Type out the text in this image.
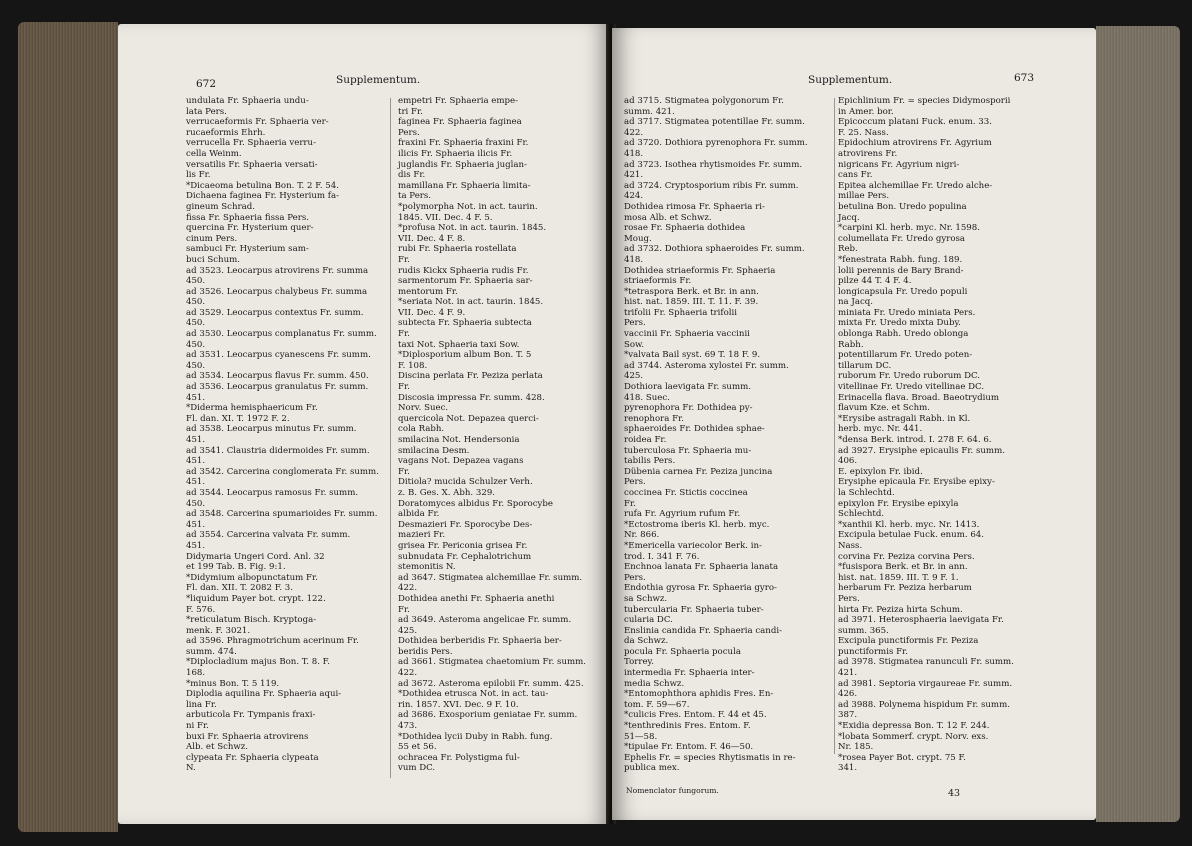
672	Supplementum.
undulata Fr. Sphaeria undu-
lata Pers.
verrucaeformis Fr. Sphaeria ver-
rucaeformis Ehrh.
verrucella Fr. Sphaeria verru-
cella Weinm.
versatilis Fr. Sphaeria versati-
lis Fr.
*Dicaeoma betulina Bon. T. 2 F. 54.
Dichaena faginea Fr. Hysterium fa-
gineum Schrad.
fissa Fr. Sphaeria fissa Pers.
quercina Fr. Hysterium quer-
cinum Pers.
sambuci Fr. Hysterium sam-
buci Schum.
ad 3523. Leocarpus atrovirens Fr. summa
450.
ad 3526. Leocarpus chalybeus Fr. summa
450.
ad 3529. Leocarpus contextus Fr. summ.
450.
ad 3530. Leocarpus complanatus Fr. summ.
450.
ad 3531. Leocarpus cyanescens Fr. summ.
450.
ad 3534. Leocarpus flavus Fr. summ. 450.
ad 3536. Leocarpus granulatus Fr. summ.
451.
*Diderma hemisphaericum Fr.
Fl. dan. XI. T. 1972 F. 2.
ad 3538. Leocarpus minutus Fr. summ.
451.
ad 3541. Claustria didermoides Fr. summ.
451.
ad 3542. Carcerina conglomerata Fr. summ.
451.
ad 3544. Leocarpus ramosus Fr. summ.
450.
ad 3548. Carcerina spumarioides Fr. summ.
451.
ad 3554. Carcerina valvata Fr. summ.
451.
Didymaria Ungeri Cord. Anl. 32
et 199 Tab. B. Fig. 9:1.
*Didymium albopunctatum Fr.
Fl. dan. XII. T. 2082 F. 3.
*liquidum Payer bot. crypt. 122.
F. 576.
*reticulatum Bisch. Kryptoga-
menk. F. 3021.
ad 3596. Phragmotrichum acerinum Fr.
summ. 474.
*Diplocladium majus Bon. T. 8. F.
168.
*minus Bon. T. 5 119.
Diplodia aquilina Fr. Sphaeria aqui-
lina Fr.
arbuticola Fr. Tympanis fraxi-
ni Fr.
buxi Fr. Sphaeria atrovirens
Alb. et Schwz.
clypeata Fr. Sphaeria clypeata
N.
empetri Fr. Sphaeria empe-
tri Fr.
faginea Fr. Sphaeria faginea
Pers.
fraxini Fr. Sphaeria fraxini Fr.
ilicis Fr. Sphaeria ilicis Fr.
juglandis Fr. Sphaeria juglan-
dis Fr.
mamillana Fr. Sphaeria limita-
ta Pers.
*polymorpha Not. in act. taurin.
1845. VII. Dec. 4 F. 5.
*profusa Not. in act. taurin. 1845.
VII. Dec. 4 F. 8.
rubi Fr. Sphaeria rostellata
Fr.
rudis Kickx Sphaeria rudis Fr.
sarmentorum Fr. Sphaeria sar-
mentorum Fr.
*seriata Not. in act. taurin. 1845.
VII. Dec. 4 F. 9.
subtecta Fr. Sphaeria subtecta
Fr.
taxi Not. Sphaeria taxi Sow.
*Diplosporium album Bon. T. 5
F. 108.
Discina perlata Fr. Peziza perlata
Fr.
Discosia impressa Fr. summ. 428.
Norv. Suec.
quercicola Not. Depazea querci-
cola Rabh.
smilacina Not. Hendersonia
smilacina Desm.
vagans Not. Depazea vagans
Fr.
Ditiola? mucida Schulzer Verh.
z. B. Ges. X. Abh. 329.
Doratomyces albidus Fr. Sporocybe
albida Fr.
Desmazieri Fr. Sporocybe Des-
mazieri Fr.
grisea Fr. Periconia grisea Fr.
subnudata Fr. Cephalotrichum
stemonitis N.
ad 3647. Stigmatea alchemillae Fr. summ.
422.
Dothidea anethi Fr. Sphaeria anethi
Fr.
ad 3649. Asteroma angelicae Fr. summ.
425.
Dothidea berberidis Fr. Sphaeria ber-
beridis Pers.
ad 3661. Stigmatea chaetomium Fr. summ.
422.
ad 3672. Asteroma epilobii Fr. summ. 425.
*Dothidea etrusca Not. in act. tau-
rin. 1857. XVI. Dec. 9 F. 10.
ad 3686. Exosporium geniatae Fr. summ.
473.
*Dothidea lycii Duby in Rabh. fung.
55 et 56.
ochracea Fr. Polystigma ful-
vum DC.
Supplementum.	673
ad 3715. Stigmatea polygonorum Fr.
summ. 421.
ad 3717. Stigmatea potentillae Fr. summ.
422.
ad 3720. Dothiora pyrenophora Fr. summ.
418.
ad 3723. Isothea rhytismoides Fr. summ.
421.
ad 3724. Cryptosporium ribis Fr. summ.
424.
Dothidea rimosa Fr. Sphaeria ri-
mosa Alb. et Schwz.
rosae Fr. Sphaeria dothidea
Moug.
ad 3732. Dothiora sphaeroides Fr. summ.
418.
Dothidea striaeformis Fr. Sphaeria
striaeformis Fr.
*tetraspora Berk. et Br. in ann.
hist. nat. 1859. III. T. 11. F. 39.
trifolii Fr. Sphaeria trifolii
Pers.
vaccinii Fr. Sphaeria vaccinii
Sow.
*valvata Bail syst. 69 T. 18 F. 9.
ad 3744. Asteroma xylostei Fr. summ.
425.
Dothiora laevigata Fr. summ.
418. Suec.
pyrenophora Fr. Dothidea py-
renophora Fr.
sphaeroides Fr. Dothidea sphae-
roidea Fr.
tuberculosa Fr. Sphaeria mu-
tabilis Pers.
Dübenia carnea Fr. Peziza juncina
Pers.
coccinea Fr. Stictis coccinea
Fr.
rufa Fr. Agyrium rufum Fr.
*Ectostroma iberis Kl. herb. myc.
Nr. 866.
*Emericella variecolor Berk. in-
trod. I. 341 F. 76.
Enchnoa lanata Fr. Sphaeria lanata
Pers.
Endothia gyrosa Fr. Sphaeria gyro-
sa Schwz.
tubercularia Fr. Sphaeria tuber-
cularia DC.
Enslinia candida Fr. Sphaeria candi-
da Schwz.
pocula Fr. Sphaeria pocula
Torrey.
intermedia Fr. Sphaeria inter-
media Schwz.
*Entomophthora aphidis Fres. En-
tom. F. 59—67.
*culicis Fres. Entom. F. 44 et 45.
*tenthredinis Fres. Entom. F.
51—58.
*tipulae Fr. Entom. F. 46—50.
Ephelis Fr. = species Rhytismatis in re-
publica mex.
Epichlinium Fr. = species Didymosporii
in Amer. bor.
Epicoccum platani Fuck. enum. 33.
F. 25. Nass.
Epidochium atrovirens Fr. Agyrium
atrovirens Fr.
nigricans Fr. Agyrium nigri-
cans Fr.
Epitea alchemillae Fr. Uredo alche-
millae Pers.
betulina Bon. Uredo populina
Jacq.
*carpini Kl. herb. myc. Nr. 1598.
columellata Fr. Uredo gyrosa
Reb.
*fenestrata Rabh. fung. 189.
lolii perennis de Bary Brand-
pilze 44 T. 4 F. 4.
longicapsula Fr. Uredo populi
na Jacq.
miniata Fr. Uredo miniata Pers.
mixta Fr. Uredo mixta Duby.
oblonga Rabh. Uredo oblonga
Rabh.
potentillarum Fr. Uredo poten-
tillarum DC.
ruborum Fr. Uredo ruborum DC.
vitellinae Fr. Uredo vitellinae DC.
Erinacella flava. Broad. Baeotrydium
flavum Kze. et Schm.
*Erysibe astragali Rabh. in Kl.
herb. myc. Nr. 441.
*densa Berk. introd. I. 278 F. 64. 6.
ad 3927. Erysiphe epicaulis Fr. summ.
406.
E. epixylon Fr. ibid.
Erysiphe epicaula Fr. Erysibe epixy-
la Schlechtd.
epixylon Fr. Erysibe epixyla
Schlechtd.
*xanthii Kl. herb. myc. Nr. 1413.
Excipula betulae Fuck. enum. 64.
Nass.
corvina Fr. Peziza corvina Pers.
*fusispora Berk. et Br. in ann.
hist. nat. 1859. III. T. 9 F. 1.
herbarum Fr. Peziza herbarum
Pers.
hirta Fr. Peziza hirta Schum.
ad 3971. Heterosphaeria laevigata Fr.
summ. 365.
Excipula punctiformis Fr. Peziza
punctiformis Fr.
ad 3978. Stigmatea ranunculi Fr. summ.
421.
ad 3981. Septoria virgaureae Fr. summ.
426.
ad 3988. Polynema hispidum Fr. summ.
387.
*Exidia depressa Bon. T. 12 F. 244.
*lobata Sommerf. crypt. Norv. exs.
Nr. 185.
*rosea Payer Bot. crypt. 75 F.
341.
Nomenclator fungorum.	43
